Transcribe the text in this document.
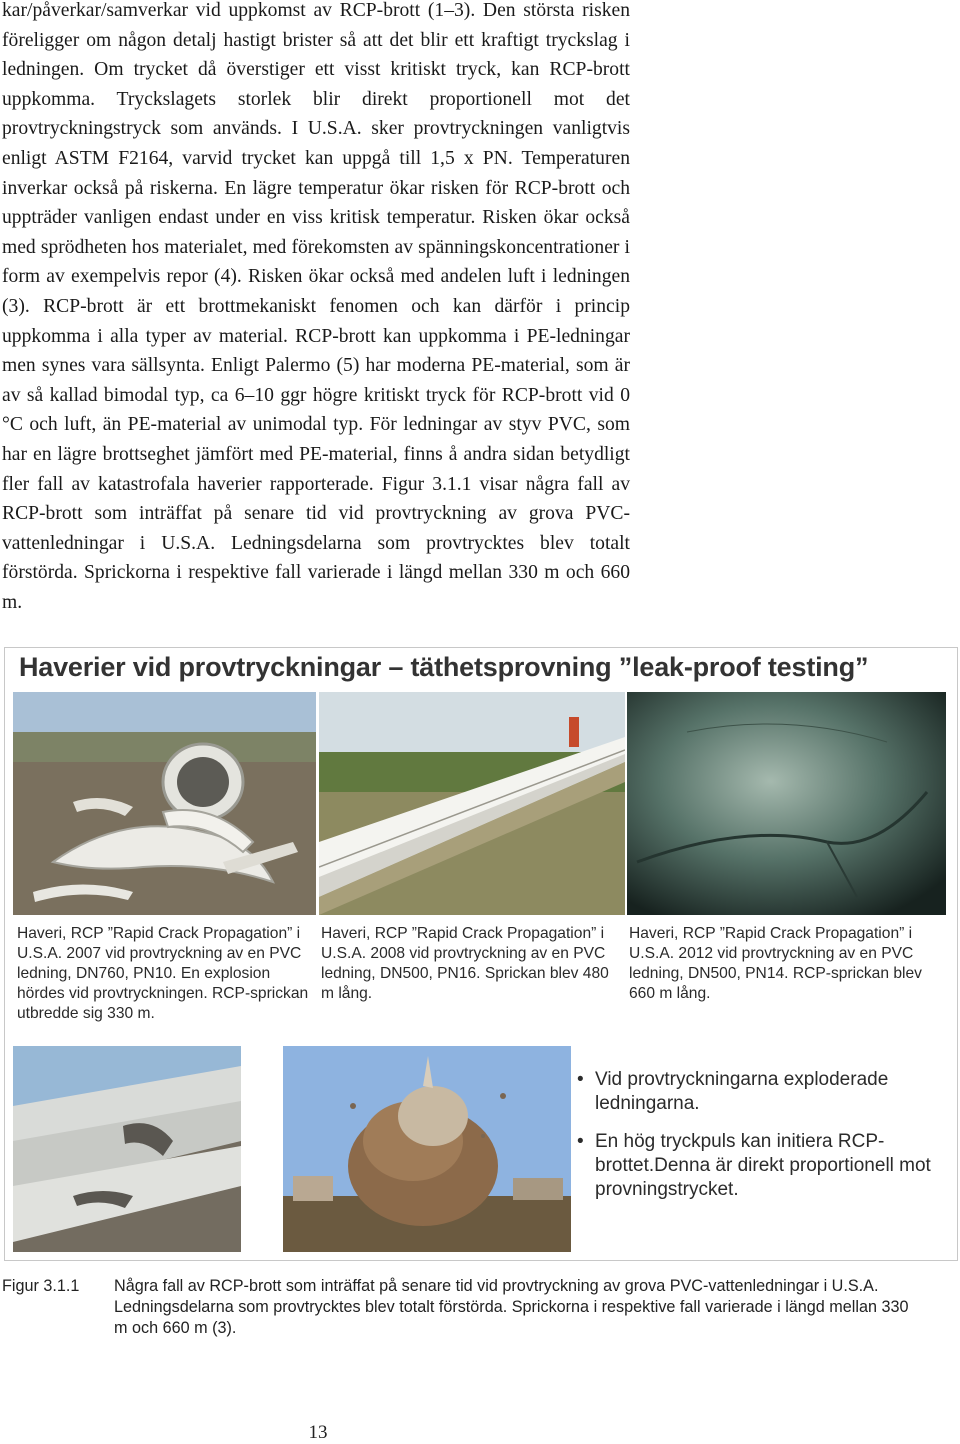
kar/påverkar/samverkar vid uppkomst av RCP-brott (1–3). Den största risken föreligger om någon detalj hastigt brister så att det blir ett kraftigt tryckslag i ledningen. Om trycket då överstiger ett visst kritiskt tryck, kan RCP-brott uppkomma. Tryckslagets storlek blir direkt proportionell mot det provtryckningstryck som används. I U.S.A. sker provtryckningen vanligtvis enligt ASTM F2164, varvid trycket kan uppgå till 1,5 x PN. Temperaturen inverkar också på riskerna. En lägre temperatur ökar risken för RCP-brott och uppträder vanligen endast under en viss kritisk temperatur. Risken ökar också med sprödheten hos materialet, med förekomsten av spänningskoncentrationer i form av exempelvis repor (4). Risken ökar också med andelen luft i ledningen (3). RCP-brott är ett brottmekaniskt fenomen och kan därför i princip uppkomma i alla typer av material. RCP-brott kan uppkomma i PE-ledningar men synes vara sällsynta. Enligt Palermo (5) har moderna PE-material, som är av så kallad bimodal typ, ca 6–10 ggr högre kritiskt tryck för RCP-brott vid 0 °C och luft, än PE-material av unimodal typ. För ledningar av styv PVC, som har en lägre brottseghet jämfört med PE-material, finns å andra sidan betydligt fler fall av katastrofala haverier rapporterade. Figur 3.1.1 visar några fall av RCP-brott som inträffat på senare tid vid provtryckning av grova PVC-vattenledningar i U.S.A. Ledningsdelarna som provtrycktes blev totalt förstörda. Sprickorna i respektive fall varierade i längd mellan 330 m och 660 m.

Haverier vid provtryckningar – täthetsprovning ”leak-proof testing”

Haveri, RCP ”Rapid Crack Propagation” i U.S.A. 2007 vid provtryckning av en PVC ledning, DN760, PN10. En explosion hördes vid provtryckningen. RCP-sprickan utbredde sig 330 m.

Haveri, RCP ”Rapid Crack Propagation” i U.S.A. 2008 vid provtryckning av en PVC ledning, DN500, PN16. Sprickan blev 480 m lång.

Haveri, RCP ”Rapid Crack Propagation” i U.S.A. 2012 vid provtryckning av en PVC ledning, DN500, PN14. RCP-sprickan blev 660 m lång.

• Vid provtryckningarna exploderade ledningarna.
• En hög tryckpuls kan initiera RCP-brottet.Denna är direkt proportionell mot provningstrycket.
Figur 3.1.1 Några fall av RCP-brott som inträffat på senare tid vid provtryckning av grova PVC-vattenledningar i U.S.A. Ledningsdelarna som provtrycktes blev totalt förstörda. Sprickorna i respektive fall varierade i längd mellan 330 m och 660 m (3).
13
